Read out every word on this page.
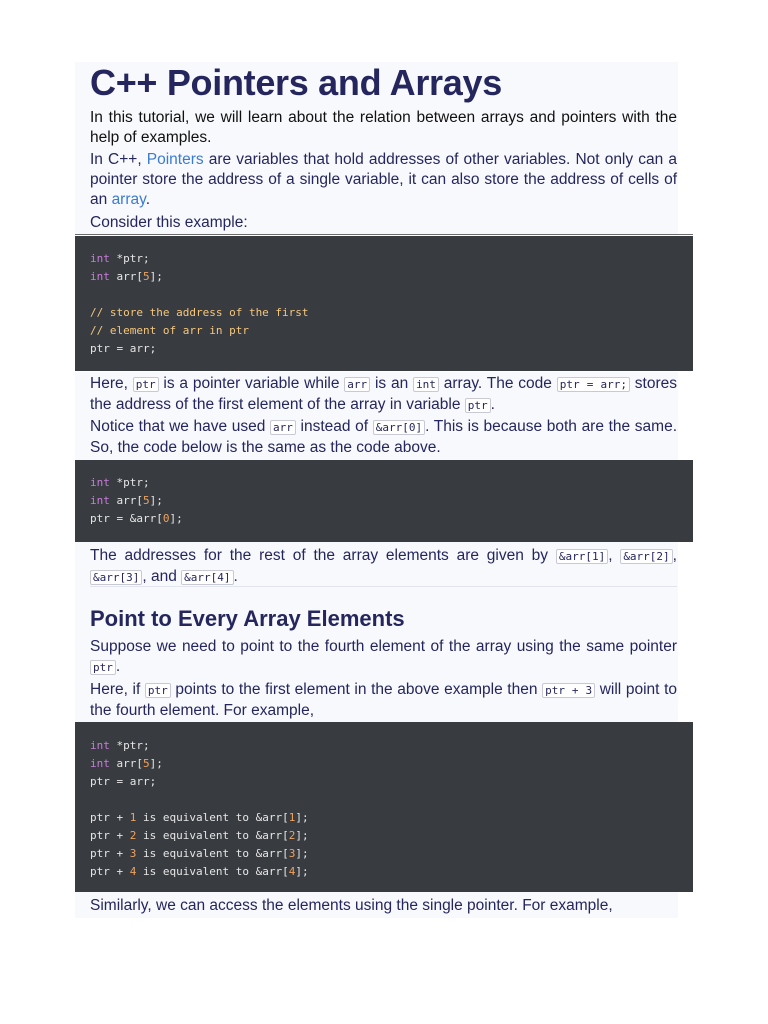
C++ Pointers and Arrays

In this tutorial, we will learn about the relation between arrays and pointers with the help of examples.

In C++, Pointers are variables that hold addresses of other variables. Not only can a pointer store the address of a single variable, it can also store the address of cells of an array.

Consider this example:

int *ptr;
int arr[5];
// store the address of the first
// element of arr in ptr
ptr = arr;

Here, ptr is a pointer variable while arr is an int array. The code ptr = arr; stores the address of the first element of the array in variable ptr .

Notice that we have used arr instead of &arr[0] . This is because both are the same. So, the code below is the same as the code above.

int *ptr;
int arr[5];
ptr = &arr[0];

The addresses for the rest of the array elements are given by &arr[1] , &arr[2] , &arr[3] , and &arr[4] .

Point to Every Array Elements

Suppose we need to point to the fourth element of the array using the same pointer ptr .

Here, if ptr points to the first element in the above example then ptr + 3 will point to the fourth element. For example,

int *ptr;
int arr[5];
ptr = arr;
ptr + 1 is equivalent to &arr[1];
ptr + 2 is equivalent to &arr[2];
ptr + 3 is equivalent to &arr[3];
ptr + 4 is equivalent to &arr[4];

Similarly, we can access the elements using the single pointer. For example,
